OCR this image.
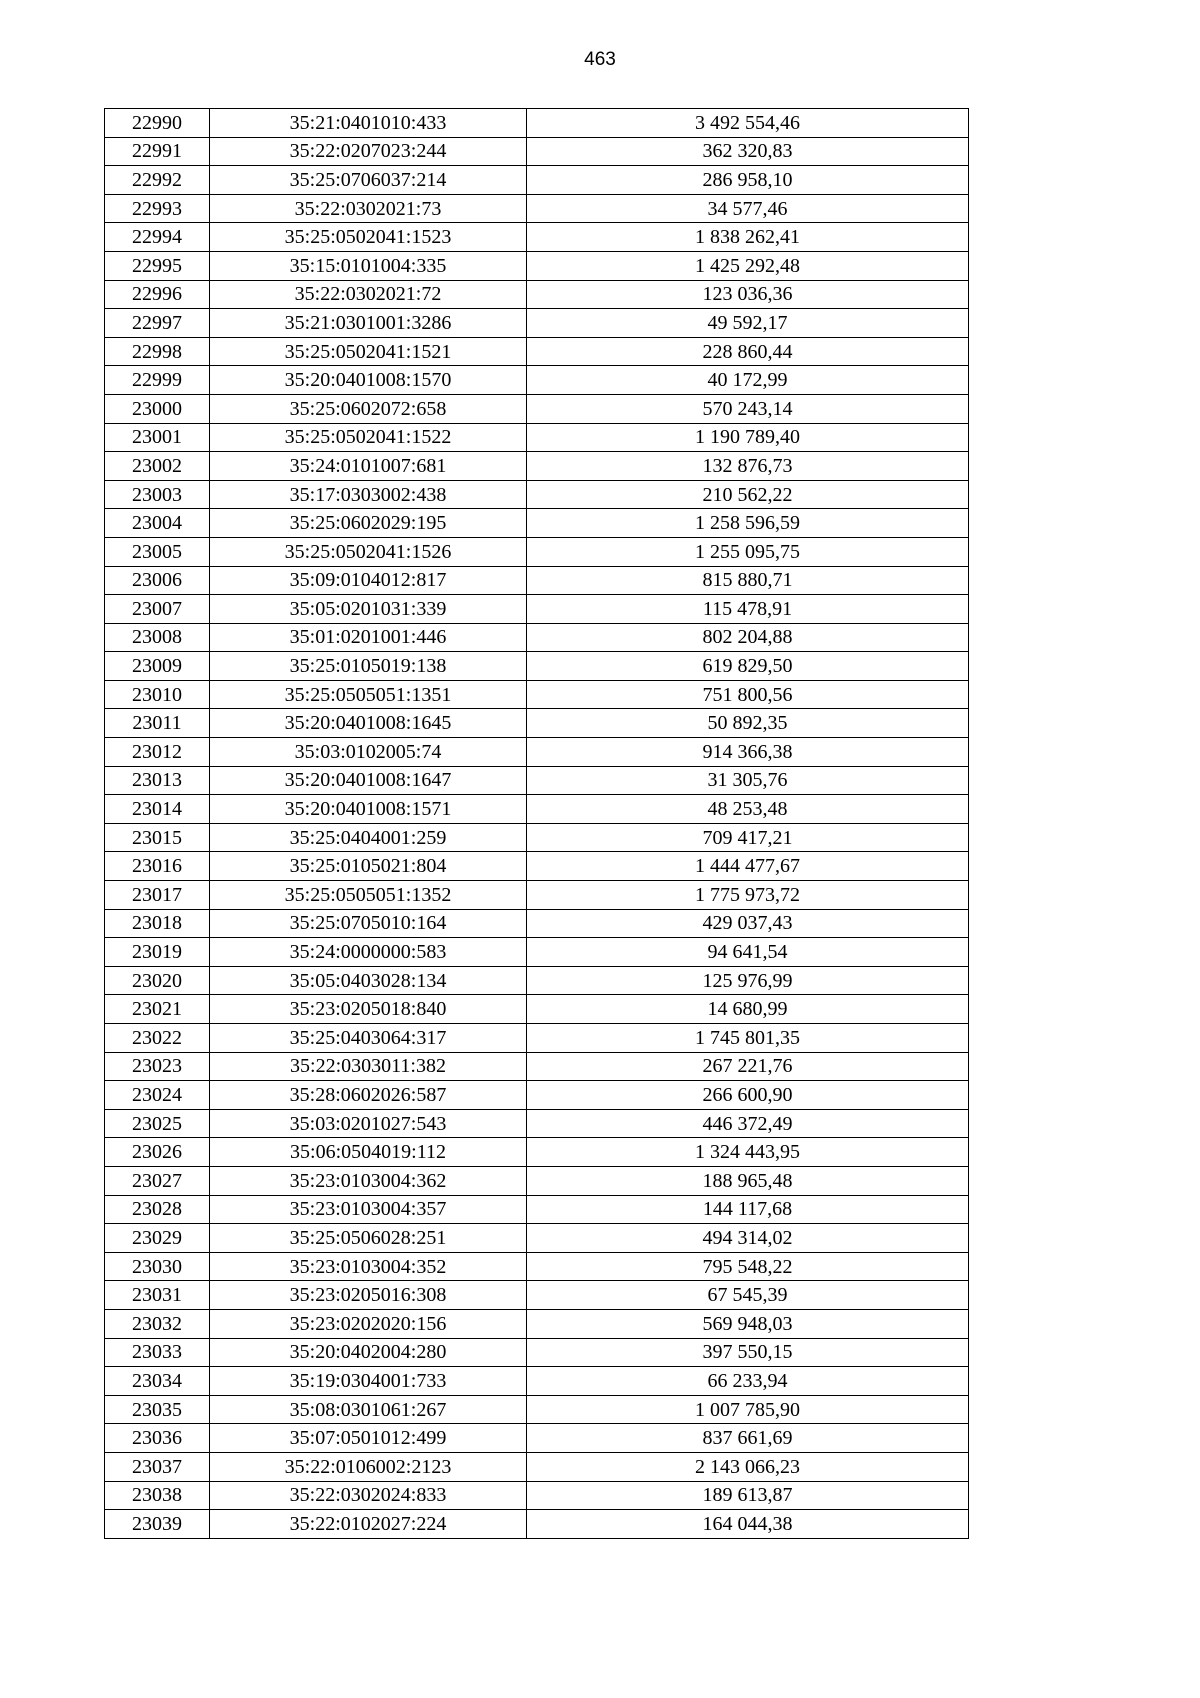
463
22990	35:21:0401010:433	3 492 554,46
22991	35:22:0207023:244	362 320,83
22992	35:25:0706037:214	286 958,10
22993	35:22:0302021:73	34 577,46
22994	35:25:0502041:1523	1 838 262,41
22995	35:15:0101004:335	1 425 292,48
22996	35:22:0302021:72	123 036,36
22997	35:21:0301001:3286	49 592,17
22998	35:25:0502041:1521	228 860,44
22999	35:20:0401008:1570	40 172,99
23000	35:25:0602072:658	570 243,14
23001	35:25:0502041:1522	1 190 789,40
23002	35:24:0101007:681	132 876,73
23003	35:17:0303002:438	210 562,22
23004	35:25:0602029:195	1 258 596,59
23005	35:25:0502041:1526	1 255 095,75
23006	35:09:0104012:817	815 880,71
23007	35:05:0201031:339	115 478,91
23008	35:01:0201001:446	802 204,88
23009	35:25:0105019:138	619 829,50
23010	35:25:0505051:1351	751 800,56
23011	35:20:0401008:1645	50 892,35
23012	35:03:0102005:74	914 366,38
23013	35:20:0401008:1647	31 305,76
23014	35:20:0401008:1571	48 253,48
23015	35:25:0404001:259	709 417,21
23016	35:25:0105021:804	1 444 477,67
23017	35:25:0505051:1352	1 775 973,72
23018	35:25:0705010:164	429 037,43
23019	35:24:0000000:583	94 641,54
23020	35:05:0403028:134	125 976,99
23021	35:23:0205018:840	14 680,99
23022	35:25:0403064:317	1 745 801,35
23023	35:22:0303011:382	267 221,76
23024	35:28:0602026:587	266 600,90
23025	35:03:0201027:543	446 372,49
23026	35:06:0504019:112	1 324 443,95
23027	35:23:0103004:362	188 965,48
23028	35:23:0103004:357	144 117,68
23029	35:25:0506028:251	494 314,02
23030	35:23:0103004:352	795 548,22
23031	35:23:0205016:308	67 545,39
23032	35:23:0202020:156	569 948,03
23033	35:20:0402004:280	397 550,15
23034	35:19:0304001:733	66 233,94
23035	35:08:0301061:267	1 007 785,90
23036	35:07:0501012:499	837 661,69
23037	35:22:0106002:2123	2 143 066,23
23038	35:22:0302024:833	189 613,87
23039	35:22:0102027:224	164 044,38
